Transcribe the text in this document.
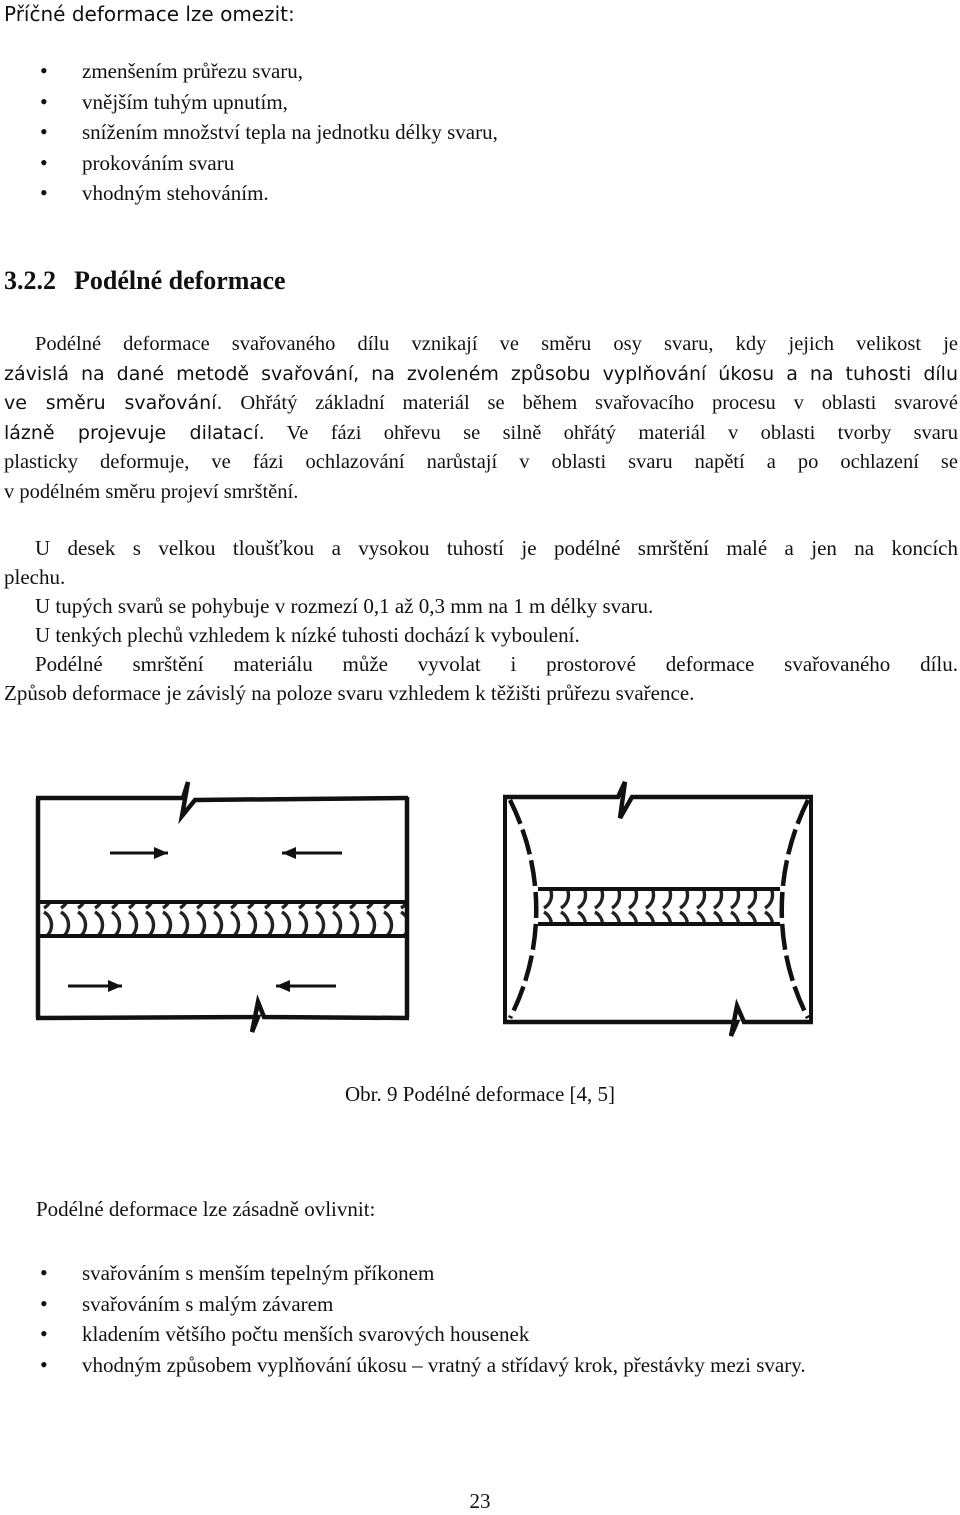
Příčné deformace lze omezit:
• zmenšením průřezu svaru,
• vnějším tuhým upnutím,
• snížením množství tepla na jednotku délky svaru,
• prokováním svaru
• vhodným stehováním.
3.2.2 Podélné deformace

Podélné deformace svařovaného dílu vznikají ve směru osy svaru, kdy jejich velikost je

závislá na dané metodě svařování, na zvoleném způsobu vyplňování úkosu a na tuhosti dílu

ve směru svařování. Ohřátý základní materiál se během svařovacího procesu v oblasti svarové

lázně projevuje dilatací. Ve fázi ohřevu se silně ohřátý materiál v oblasti tvorby svaru

plasticky deformuje, ve fázi ochlazování narůstají v oblasti svaru napětí a po ochlazení se

v podélném směru projeví smrštění.

U desek s velkou tloušťkou a vysokou tuhostí je podélné smrštění malé a jen na koncích

plechu.

U tupých svarů se pohybuje v rozmezí 0,1 až 0,3 mm na 1 m délky svaru.

U tenkých plechů vzhledem k nízké tuhosti dochází k vyboulení.

Podélné smrštění materiálu může vyvolat i prostorové deformace svařovaného dílu.

Způsob deformace je závislý na poloze svaru vzhledem k těžišti průřezu svařence.

Obr. 9 Podélné deformace [4, 5]
Podélné deformace lze zásadně ovlivnit:
• svařováním s menším tepelným příkonem
• svařováním s malým závarem
• kladením většího počtu menších svarových housenek
• vhodným způsobem vyplňování úkosu – vratný a střídavý krok, přestávky mezi svary.
23
